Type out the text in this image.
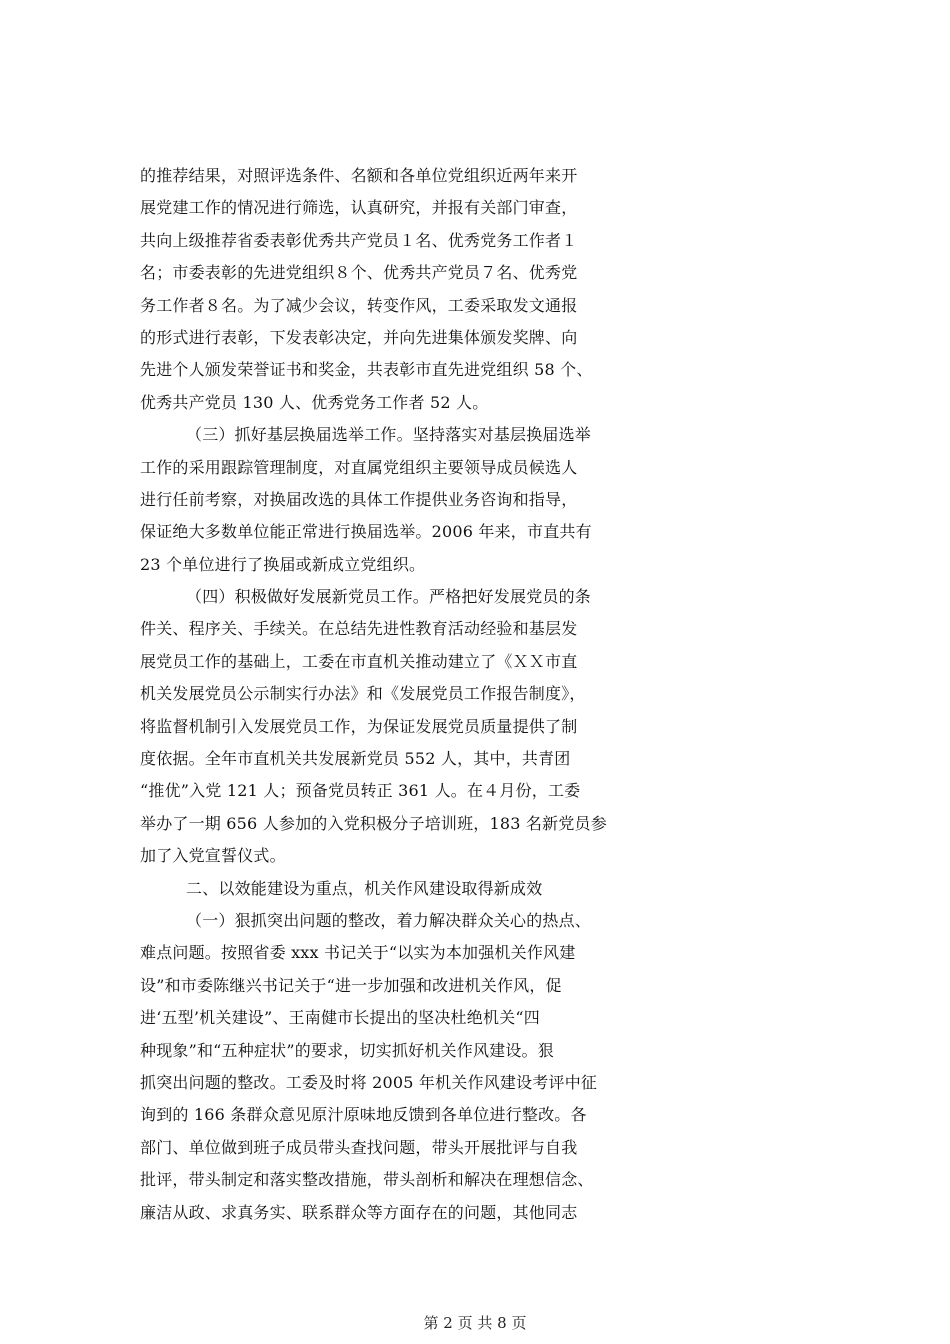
的推荐结果，对照评选条件、名额和各单位党组织近两年来开
展党建工作的情况进行筛选，认真研究，并报有关部门审查，
共向上级推荐省委表彰优秀共产党员１名、优秀党务工作者１
名；市委表彰的先进党组织８个、优秀共产党员７名、优秀党
务工作者８名。为了减少会议，转变作风，工委采取发文通报
的形式进行表彰，下发表彰决定，并向先进集体颁发奖牌、向
先进个人颁发荣誉证书和奖金，共表彰市直先进党组织 58 个、
优秀共产党员 130 人、优秀党务工作者 52 人。
（三）抓好基层换届选举工作。坚持落实对基层换届选举
工作的采用跟踪管理制度，对直属党组织主要领导成员候选人
进行任前考察，对换届改选的具体工作提供业务咨询和指导，
保证绝大多数单位能正常进行换届选举。2006 年来，市直共有
23 个单位进行了换届或新成立党组织。
（四）积极做好发展新党员工作。严格把好发展党员的条
件关、程序关、手续关。在总结先进性教育活动经验和基层发
展党员工作的基础上，工委在市直机关推动建立了《ＸＸ市直
机关发展党员公示制实行办法》和《发展党员工作报告制度》，
将监督机制引入发展党员工作，为保证发展党员质量提供了制
度依据。全年市直机关共发展新党员 552 人，其中，共青团
“推优”入党 121 人；预备党员转正 361 人。在４月份，工委
举办了一期 656 人参加的入党积极分子培训班，183 名新党员参
加了入党宣誓仪式。
二、以效能建设为重点，机关作风建设取得新成效
（一）狠抓突出问题的整改，着力解决群众关心的热点、
难点问题。按照省委 xxx 书记关于“以实为本加强机关作风建
设”和市委陈继兴书记关于“进一步加强和改进机关作风，促
进‘五型’机关建设”、王南健市长提出的坚决杜绝机关“四
种现象”和“五种症状”的要求，切实抓好机关作风建设。狠
抓突出问题的整改。工委及时将 2005 年机关作风建设考评中征
询到的 166 条群众意见原汁原味地反馈到各单位进行整改。各
部门、单位做到班子成员带头查找问题，带头开展批评与自我
批评，带头制定和落实整改措施，带头剖析和解决在理想信念、
廉洁从政、求真务实、联系群众等方面存在的问题，其他同志
第 2 页 共 8 页
